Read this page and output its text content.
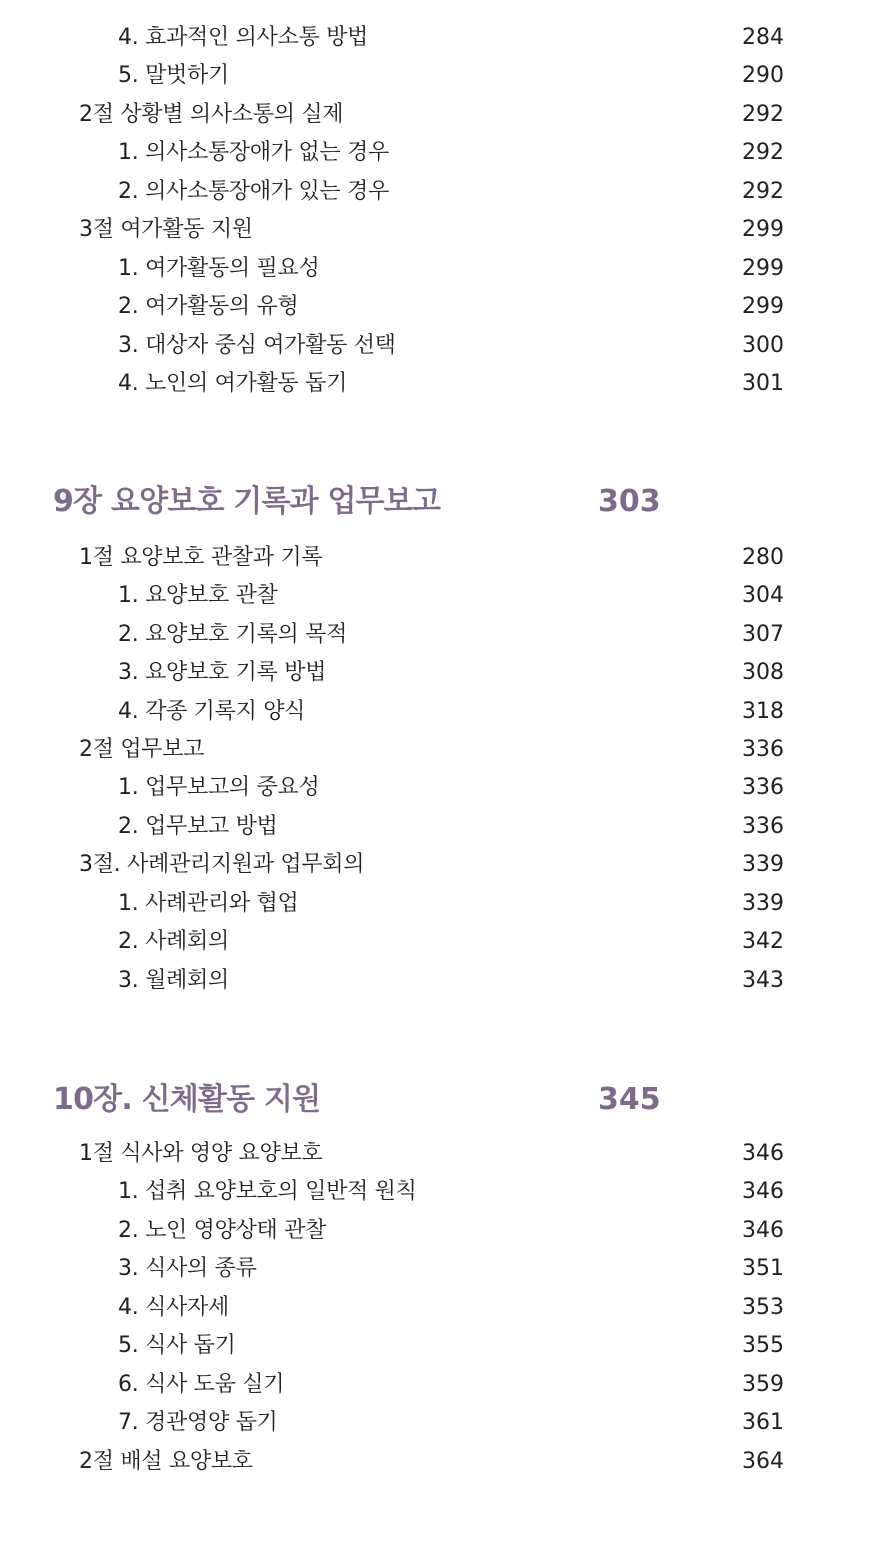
4. 효과적인 의사소통 방법	284
5. 말벗하기	290
2절 상황별 의사소통의 실제	292
1. 의사소통장애가 없는 경우	292
2. 의사소통장애가 있는 경우	292
3절 여가활동 지원	299
1. 여가활동의 필요성	299
2. 여가활동의 유형	299
3. 대상자 중심 여가활동 선택	300
4. 노인의 여가활동 돕기	301
9장 요양보호 기록과 업무보고	303
1절 요양보호 관찰과 기록	280
1. 요양보호 관찰	304
2. 요양보호 기록의 목적	307
3. 요양보호 기록 방법	308
4. 각종 기록지 양식	318
2절 업무보고	336
1. 업무보고의 중요성	336
2. 업무보고 방법	336
3절. 사례관리지원과 업무회의	339
1. 사례관리와 협업	339
2. 사례회의	342
3. 월례회의	343
10장. 신체활동 지원	345
1절 식사와 영양 요양보호	346
1. 섭취 요양보호의 일반적 원칙	346
2. 노인 영양상태 관찰	346
3. 식사의 종류	351
4. 식사자세	353
5. 식사 돕기	355
6. 식사 도움 실기	359
7. 경관영양 돕기	361
2절 배설 요양보호	364
